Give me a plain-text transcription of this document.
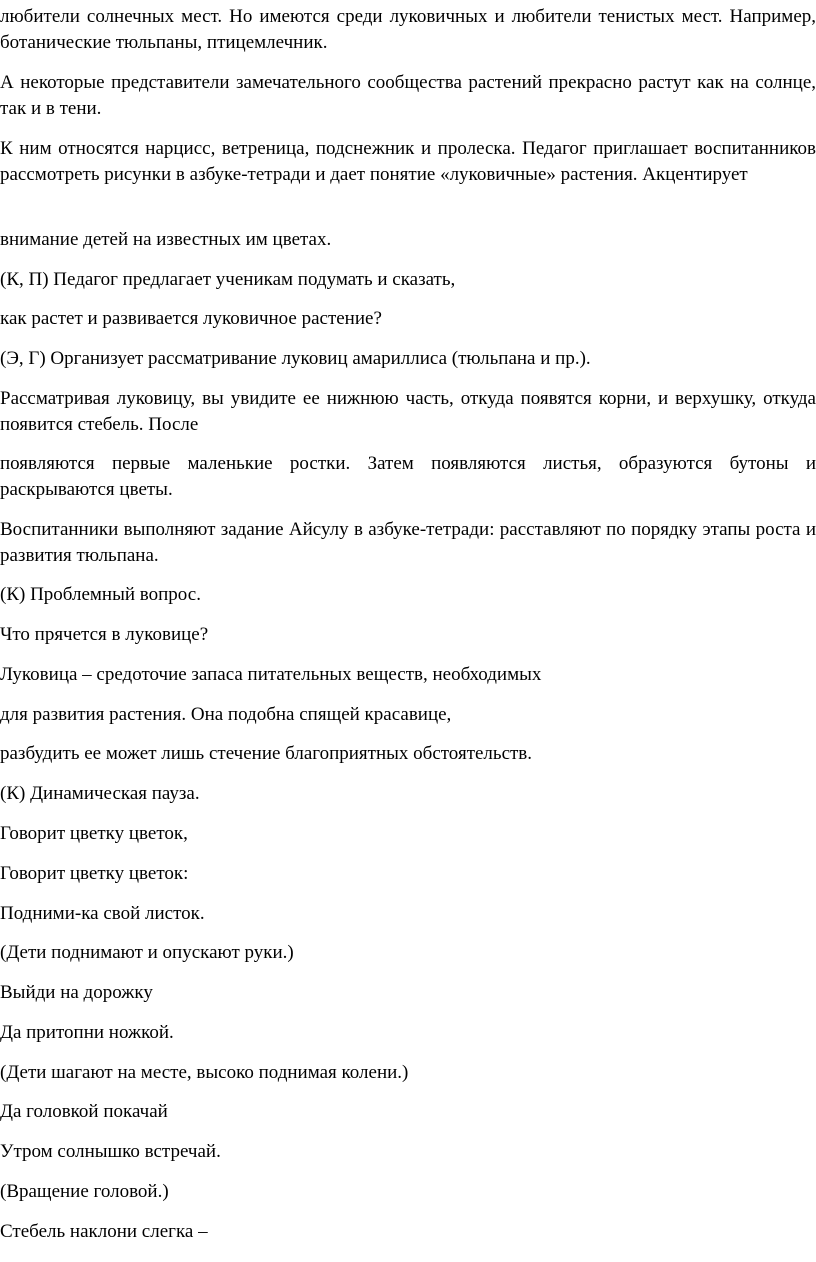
любители солнечных мест. Но имеются среди луковичных и любители тенистых мест. Например, ботанические тюльпаны, птицемлечник.

А некоторые представители замечательного сообщества растений прекрасно растут как на солнце, так и в тени.

К ним относятся нарцисс, ветреница, подснежник и пролеска. Педагог приглашает воспитанников рассмотреть рисунки в азбуке-тетради и дает понятие «луковичные» растения. Акцентирует

внимание детей на известных им цветах.

(К, П) Педагог предлагает ученикам подумать и сказать,

как растет и развивается луковичное растение?

(Э, Г) Организует рассматривание луковиц амариллиса (тюльпана и пр.).

Рассматривая луковицу, вы увидите ее нижнюю часть, откуда появятся корни, и верхушку, откуда появится стебель. После

появляются первые маленькие ростки. Затем появляются листья, образуются бутоны и раскрываются цветы.

Воспитанники выполняют задание Айсулу в азбуке-тетради: расставляют по порядку этапы роста и развития тюльпана.

(К) Проблемный вопрос.

Что прячется в луковице?

Луковица – средоточие запаса питательных веществ, необходимых

для развития растения. Она подобна спящей красавице,

разбудить ее может лишь стечение благоприятных обстоятельств.

(К) Динамическая пауза.

Говорит цветку цветок,

Говорит цветку цветок:

Подними-ка свой листок.

(Дети поднимают и опускают руки.)

Выйди на дорожку

Да притопни ножкой.

(Дети шагают на месте, высоко поднимая колени.)

Да головкой покачай

Утром солнышко встречай.

(Вращение головой.)

Стебель наклони слегка –
